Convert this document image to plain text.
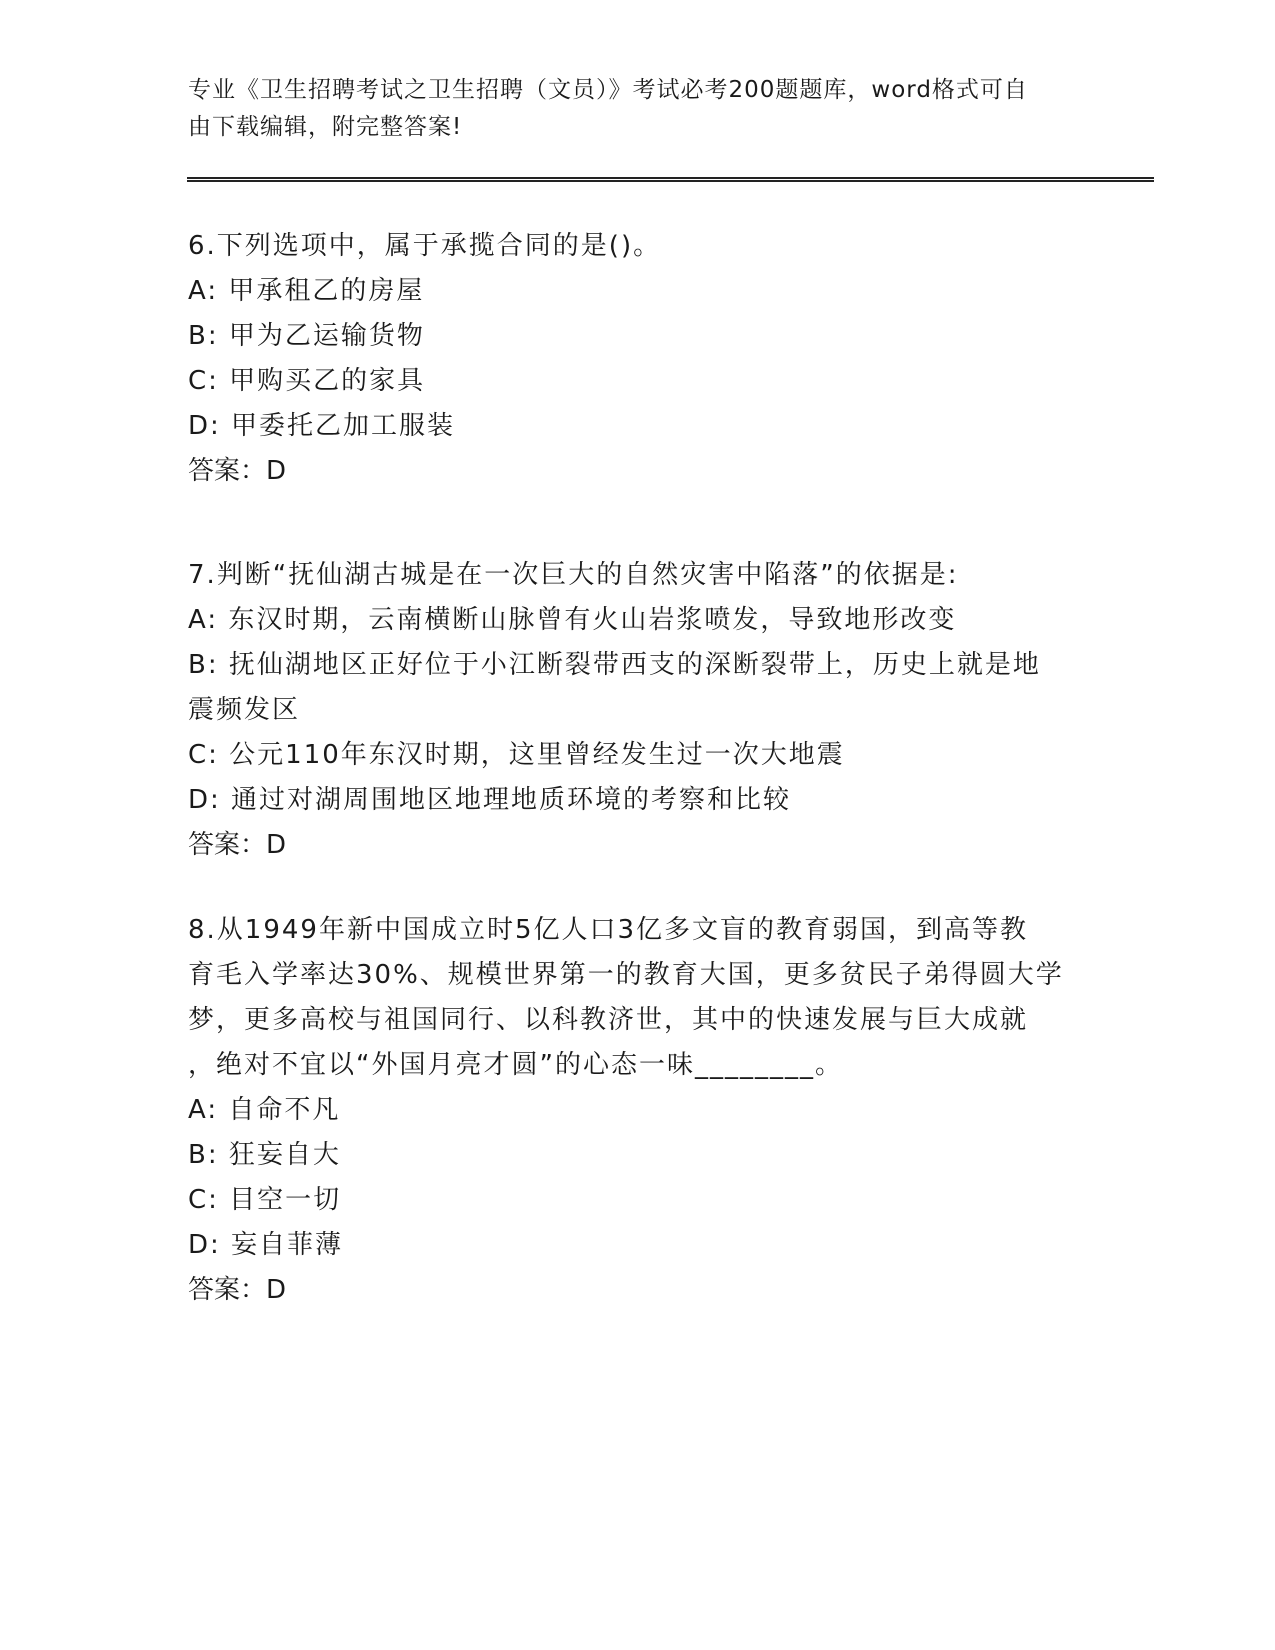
专业《卫生招聘考试之卫生招聘（文员）》考试必考200题题库，word格式可自
由下载编辑，附完整答案!

6.下列选项中，属于承揽合同的是()。

A: 甲承租乙的房屋

B: 甲为乙运输货物

C: 甲购买乙的家具

D: 甲委托乙加工服装

答案：D

7.判断“抚仙湖古城是在一次巨大的自然灾害中陷落”的依据是:

A: 东汉时期，云南横断山脉曾有火山岩浆喷发，导致地形改变

B: 抚仙湖地区正好位于小江断裂带西支的深断裂带上，历史上就是地

震频发区

C: 公元110年东汉时期，这里曾经发生过一次大地震

D: 通过对湖周围地区地理地质环境的考察和比较

答案：D

8.从1949年新中国成立时5亿人口3亿多文盲的教育弱国，到高等教

育毛入学率达30%、规模世界第一的教育大国，更多贫民子弟得圆大学

梦，更多高校与祖国同行、以科教济世，其中的快速发展与巨大成就

，绝对不宜以“外国月亮才圆”的心态一味________。

A: 自命不凡

B: 狂妄自大

C: 目空一切

D: 妄自菲薄

答案：D
